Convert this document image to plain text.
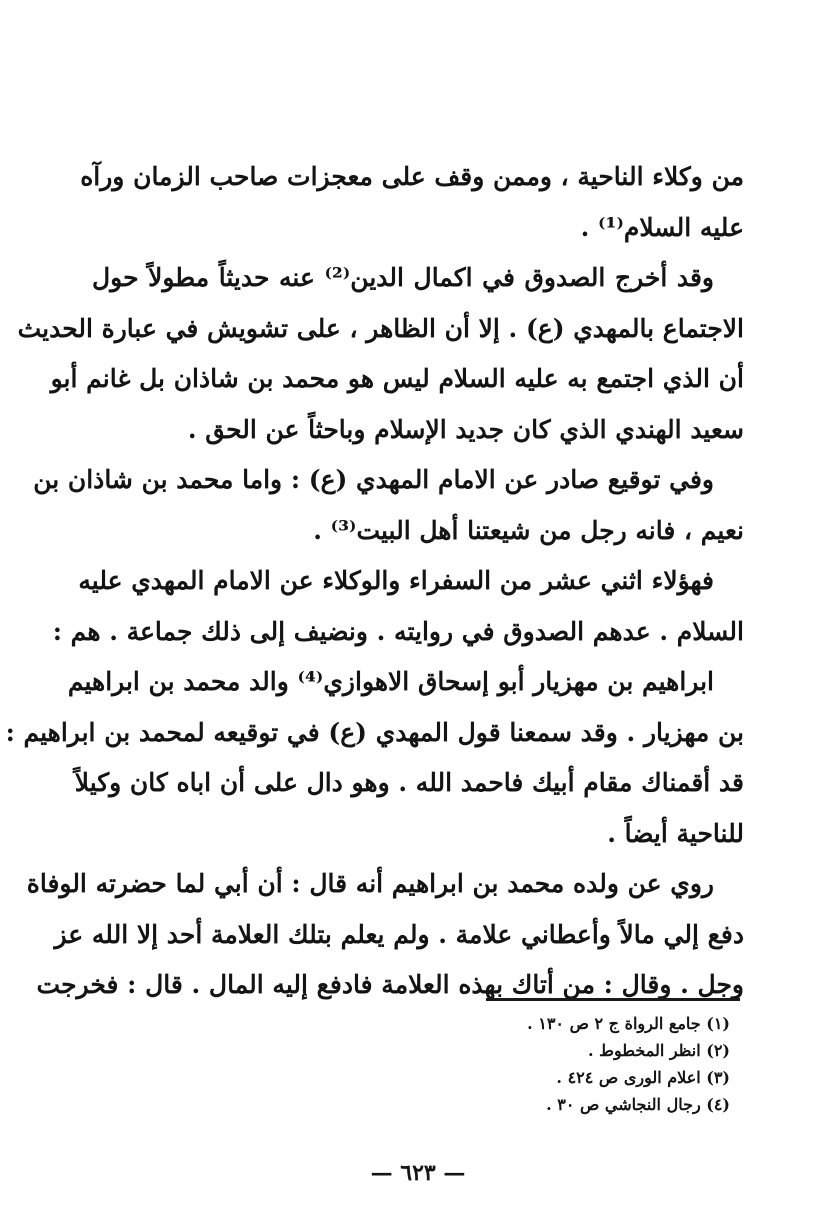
من وكلاء الناحية ، وممن وقف على معجزات صاحب الزمان ورآه
عليه السلام⁽¹⁾ .
وقد أخرج الصدوق في اكمال الدين⁽²⁾ عنه حديثاً مطولاً حول
الاجتماع بالمهدي (ع) . إلا أن الظاهر ، على تشويش في عبارة الحديث
أن الذي اجتمع به عليه السلام ليس هو محمد بن شاذان بل غانم أبو
سعيد الهندي الذي كان جديد الإسلام وباحثاً عن الحق .
وفي توقيع صادر عن الامام المهدي (ع) : واما محمد بن شاذان بن
نعيم ، فانه رجل من شيعتنا أهل البيت⁽³⁾ .
فهؤلاء اثني عشر من السفراء والوكلاء عن الامام المهدي عليه
السلام . عدهم الصدوق في روايته . ونضيف إلى ذلك جماعة . هم :
ابراهيم بن مهزيار أبو إسحاق الاهوازي⁽⁴⁾ والد محمد بن ابراهيم
بن مهزيار . وقد سمعنا قول المهدي (ع) في توقيعه لمحمد بن ابراهيم :
قد أقمناك مقام أبيك فاحمد الله . وهو دال على أن اباه كان وكيلاً
للناحية أيضاً .
روي عن ولده محمد بن ابراهيم أنه قال : أن أبي لما حضرته الوفاة
دفع إلي مالاً وأعطاني علامة . ولم يعلم بتلك العلامة أحد إلا الله عز
وجل . وقال : من أتاك بهذه العلامة فادفع إليه المال . قال : فخرجت
(١) جامع الرواة ج ٢ ص ١٣٠ .
(٢) انظر المخطوط .
(٣) اعلام الورى ص ٤٢٤ .
(٤) رجال النجاشي ص ٣٠ .
— ٦٢٣ —
